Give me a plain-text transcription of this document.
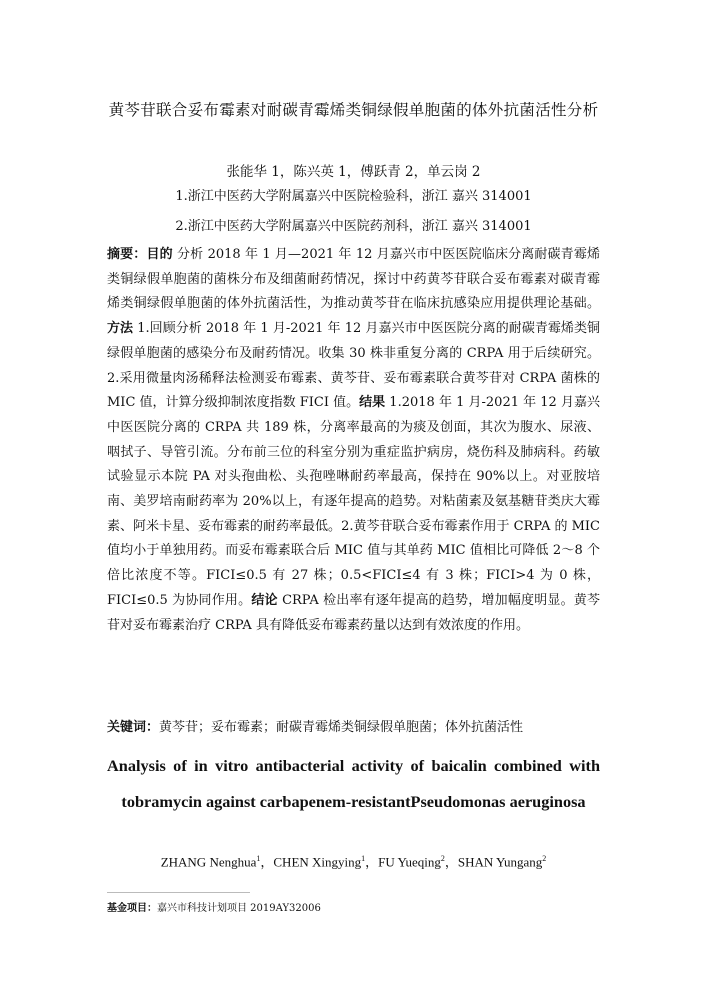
黄芩苷联合妥布霉素对耐碳青霉烯类铜绿假单胞菌的体外抗菌活性分析
张能华 1，陈兴英 1，傅跃青 2，单云岗 2
1.浙江中医药大学附属嘉兴中医院检验科，浙江 嘉兴 314001
2.浙江中医药大学附属嘉兴中医院药剂科，浙江 嘉兴 314001

摘要：目的 分析 2018 年 1 月—2021 年 12 月嘉兴市中医医院临床分离耐碳青霉烯类铜绿假单胞菌的菌株分布及细菌耐药情况，探讨中药黄芩苷联合妥布霉素对碳青霉烯类铜绿假单胞菌的体外抗菌活性，为推动黄芩苷在临床抗感染应用提供理论基础。方法 1.回顾分析 2018 年 1 月-2021 年 12 月嘉兴市中医医院分离的耐碳青霉烯类铜绿假单胞菌的感染分布及耐药情况。收集 30 株非重复分离的 CRPA 用于后续研究。2.采用微量肉汤稀释法检测妥布霉素、黄芩苷、妥布霉素联合黄芩苷对 CRPA 菌株的 MIC 值，计算分级抑制浓度指数 FICI 值。结果 1.2018 年 1 月-2021 年 12 月嘉兴中医医院分离的 CRPA 共 189 株，分离率最高的为痰及创面，其次为腹水、尿液、咽拭子、导管引流。分布前三位的科室分别为重症监护病房，烧伤科及肺病科。药敏试验显示本院 PA 对头孢曲松、头孢唑啉耐药率最高，保持在 90%以上。对亚胺培南、美罗培南耐药率为 20%以上，有逐年提高的趋势。对粘菌素及氨基糖苷类庆大霉素、阿米卡星、妥布霉素的耐药率最低。2.黄芩苷联合妥布霉素作用于 CRPA 的 MIC 值均小于单独用药。而妥布霉素联合后 MIC 值与其单药 MIC 值相比可降低 2～8 个倍比浓度不等。FICI≤0.5 有 27 株；0.5<FICI≤4 有 3 株；FICI>4 为 0 株，FICI≤0.5 为协同作用。结论 CRPA 检出率有逐年提高的趋势，增加幅度明显。黄芩苷对妥布霉素治疗 CRPA 具有降低妥布霉素药量以达到有效浓度的作用。

关键词：黄芩苷；妥布霉素；耐碳青霉烯类铜绿假单胞菌；体外抗菌活性

Analysis of in vitro antibacterial activity of baicalin combined with
tobramycin against carbapenem-resistantPseudomonas aeruginosa

ZHANG Nenghua$^1$，CHEN Xingying$^1$，FU Yueqing$^2$，SHAN Yungang$^2$
基金项目：嘉兴市科技计划项目 2019AY32006
